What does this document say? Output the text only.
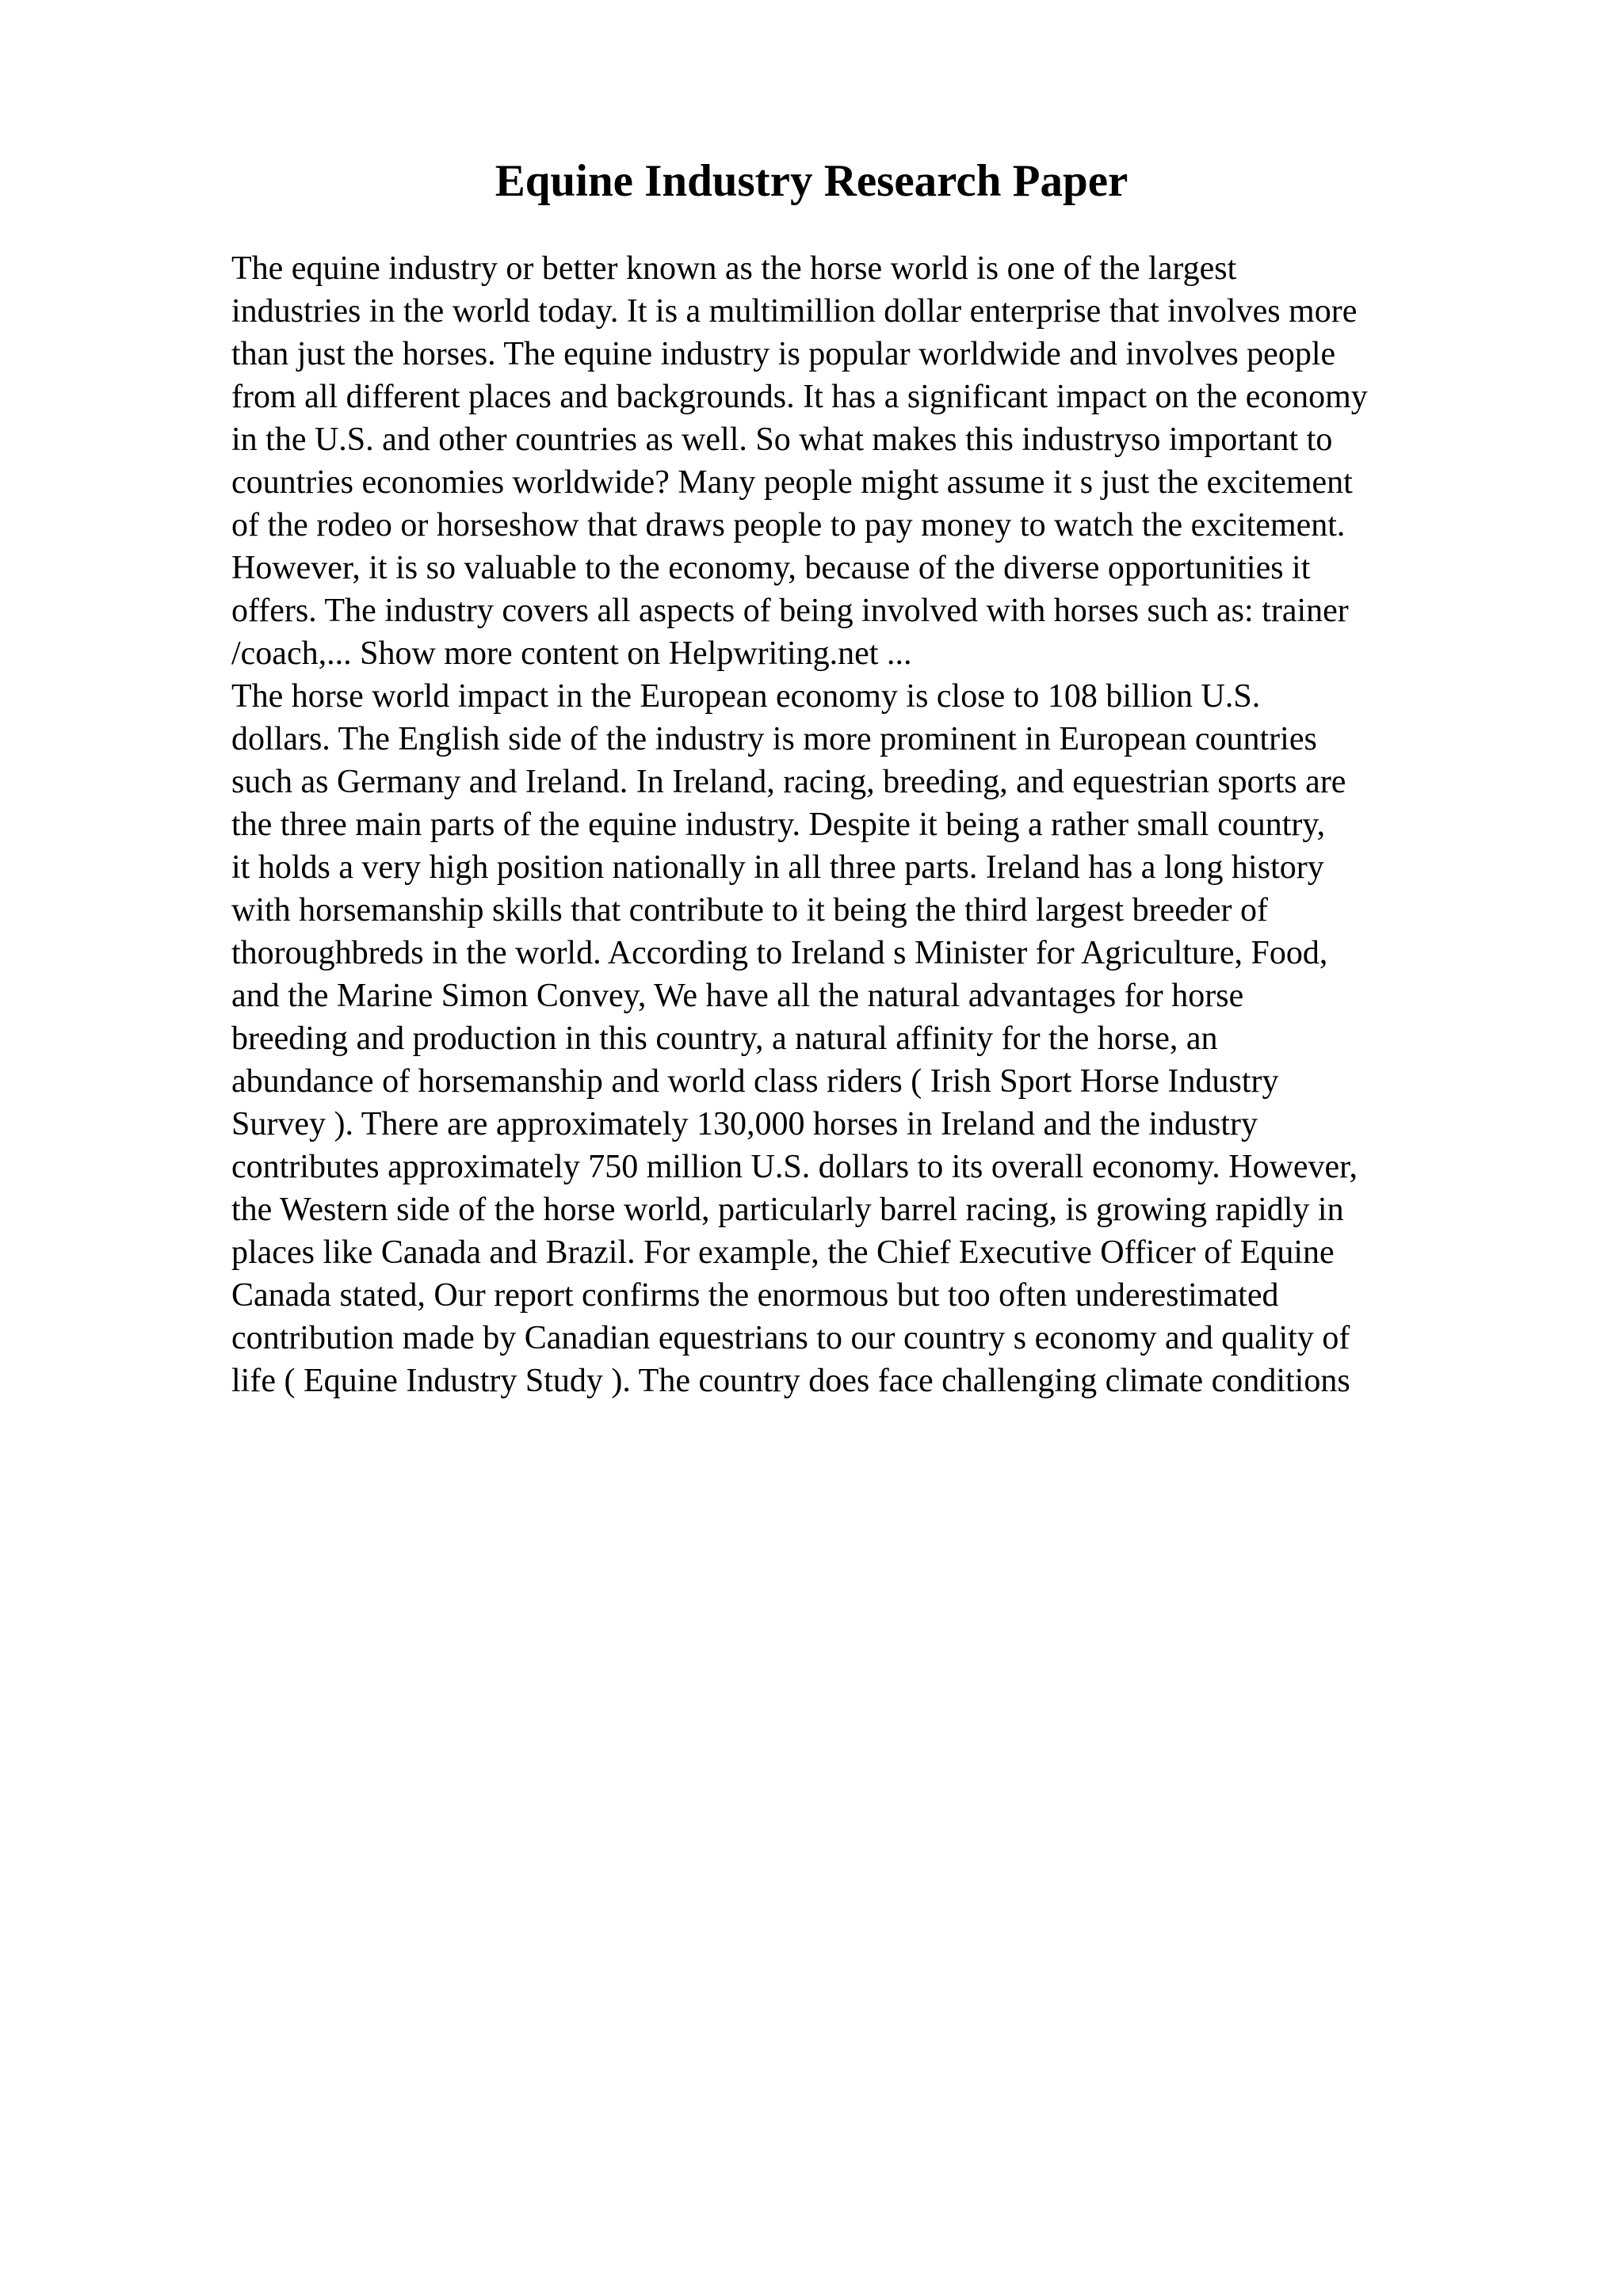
Equine Industry Research Paper
The equine industry or better known as the horse world is one of the largest
industries in the world today. It is a multimillion dollar enterprise that involves more
than just the horses. The equine industry is popular worldwide and involves people
from all different places and backgrounds. It has a significant impact on the economy
in the U.S. and other countries as well. So what makes this industryso important to
countries economies worldwide? Many people might assume it s just the excitement
of the rodeo or horseshow that draws people to pay money to watch the excitement.
However, it is so valuable to the economy, because of the diverse opportunities it
offers. The industry covers all aspects of being involved with horses such as: trainer
/coach,... Show more content on Helpwriting.net ...
The horse world impact in the European economy is close to 108 billion U.S.
dollars. The English side of the industry is more prominent in European countries
such as Germany and Ireland. In Ireland, racing, breeding, and equestrian sports are
the three main parts of the equine industry. Despite it being a rather small country,
it holds a very high position nationally in all three parts. Ireland has a long history
with horsemanship skills that contribute to it being the third largest breeder of
thoroughbreds in the world. According to Ireland s Minister for Agriculture, Food,
and the Marine Simon Convey, We have all the natural advantages for horse
breeding and production in this country, a natural affinity for the horse, an
abundance of horsemanship and world class riders ( Irish Sport Horse Industry
Survey ). There are approximately 130,000 horses in Ireland and the industry
contributes approximately 750 million U.S. dollars to its overall economy. However,
the Western side of the horse world, particularly barrel racing, is growing rapidly in
places like Canada and Brazil. For example, the Chief Executive Officer of Equine
Canada stated, Our report confirms the enormous but too often underestimated
contribution made by Canadian equestrians to our country s economy and quality of
life ( Equine Industry Study ). The country does face challenging climate conditions
